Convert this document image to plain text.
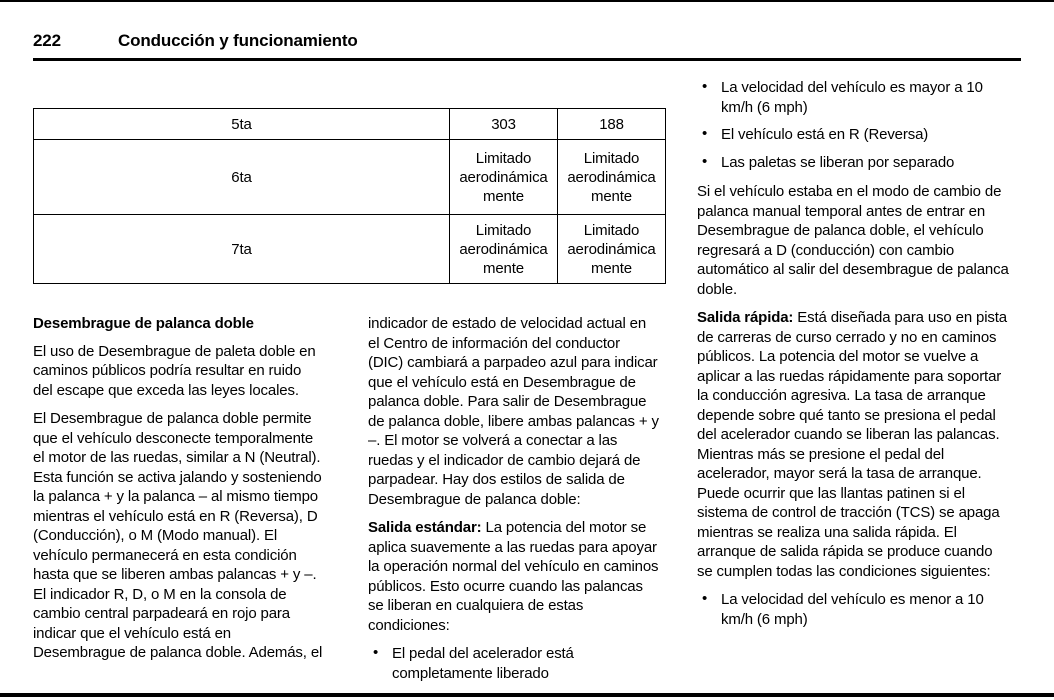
222	Conducción y funcionamiento
5ta	303	188
6ta	Limitado aerodinámicamente	Limitado aerodinámicamente
7ta	Limitado aerodinámicamente	Limitado aerodinámicamente
Desembrague de palanca doble

El uso de Desembrague de paleta doble en caminos públicos podría resultar en ruido del escape que exceda las leyes locales.

El Desembrague de palanca doble permite que el vehículo desconecte temporalmente el motor de las ruedas, similar a N (Neutral). Esta función se activa jalando y sosteniendo la palanca + y la palanca – al mismo tiempo mientras el vehículo está en R (Reversa), D (Conducción), o M (Modo manual). El vehículo permanecerá en esta condición hasta que se liberen ambas palancas + y –. El indicador R, D, o M en la consola de cambio central parpadeará en rojo para indicar que el vehículo está en Desembrague de palanca doble. Además, el

indicador de estado de velocidad actual en el Centro de información del conductor (DIC) cambiará a parpadeo azul para indicar que el vehículo está en Desembrague de palanca doble. Para salir de Desembrague de palanca doble, libere ambas palancas + y –. El motor se volverá a conectar a las ruedas y el indicador de cambio dejará de parpadear. Hay dos estilos de salida de Desembrague de palanca doble:

Salida estándar: La potencia del motor se aplica suavemente a las ruedas para apoyar la operación normal del vehículo en caminos públicos. Esto ocurre cuando las palancas se liberan en cualquiera de estas condiciones:

• El pedal del acelerador está completamente liberado
• La velocidad del vehículo es mayor a 10 km/h (6 mph)
• El vehículo está en R (Reversa)
• Las paletas se liberan por separado

Si el vehículo estaba en el modo de cambio de palanca manual temporal antes de entrar en Desembrague de palanca doble, el vehículo regresará a D (conducción) con cambio automático al salir del desembrague de palanca doble.

Salida rápida: Está diseñada para uso en pista de carreras de curso cerrado y no en caminos públicos. La potencia del motor se vuelve a aplicar a las ruedas rápidamente para soportar la conducción agresiva. La tasa de arranque depende sobre qué tanto se presiona el pedal del acelerador cuando se liberan las palancas. Mientras más se presione el pedal del acelerador, mayor será la tasa de arranque. Puede ocurrir que las llantas patinen si el sistema de control de tracción (TCS) se apaga mientras se realiza una salida rápida. El arranque de salida rápida se produce cuando se cumplen todas las condiciones siguientes:

• La velocidad del vehículo es menor a 10 km/h (6 mph)
